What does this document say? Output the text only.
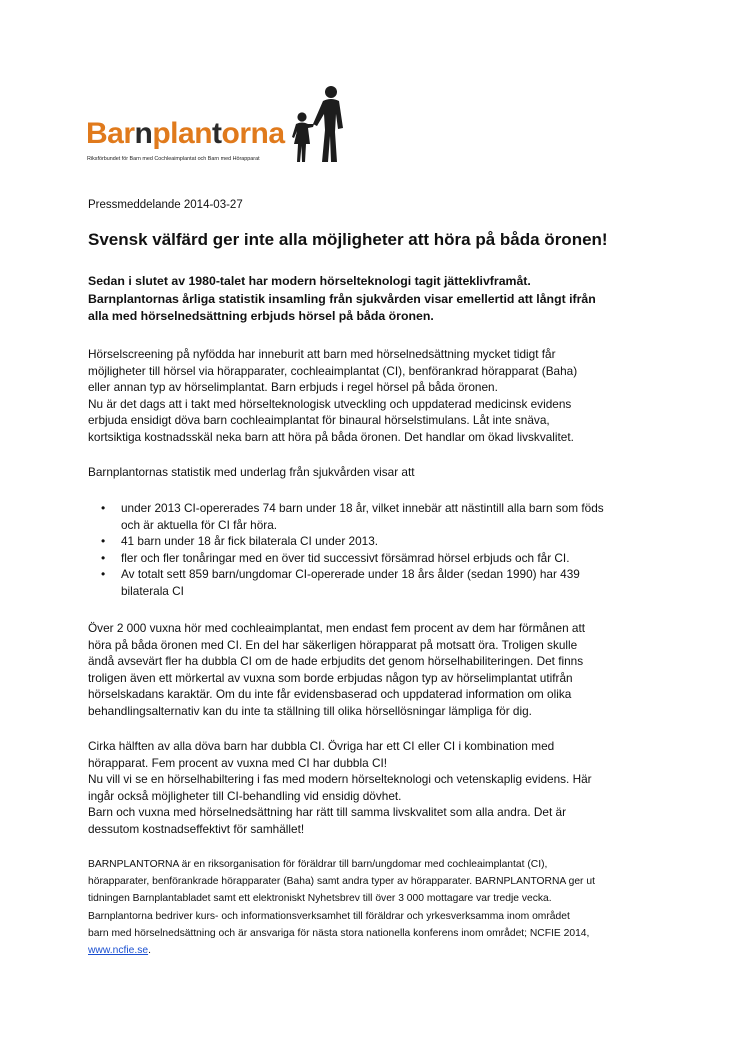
Barnplantorna
Riksförbundet för Barn med Cochleaimplantat och Barn med Hörapparat
Pressmeddelande 2014-03-27
Svensk välfärd ger inte alla möjligheter att höra på båda öronen!

Sedan i slutet av 1980-talet har modern hörselteknologi tagit jätteklivframåt.
Barnplantornas årliga statistik insamling från sjukvården visar emellertid att långt ifrån
alla med hörselnedsättning erbjuds hörsel på båda öronen.

Hörselscreening på nyfödda har inneburit att barn med hörselnedsättning mycket tidigt får
möjligheter till hörsel via hörapparater, cochleaimplantat (CI), benförankrad hörapparat (Baha)
eller annan typ av hörselimplantat. Barn erbjuds i regel hörsel på båda öronen.
Nu är det dags att i takt med hörselteknologisk utveckling och uppdaterad medicinsk evidens
erbjuda ensidigt döva barn cochleaimplantat för binaural hörselstimulans. Låt inte snäva,
kortsiktiga kostnadsskäl neka barn att höra på båda öronen. Det handlar om ökad livskvalitet.

Barnplantornas statistik med underlag från sjukvården visar att

• under 2013 CI-opererades 74 barn under 18 år, vilket innebär att nästintill alla barn som föds
och är aktuella för CI får höra.
• 41 barn under 18 år fick bilaterala CI under 2013.
• fler och fler tonåringar med en över tid successivt försämrad hörsel erbjuds och får CI.
• Av totalt sett 859 barn/ungdomar CI-opererade under 18 års ålder (sedan 1990) har 439
bilaterala CI

Över 2 000 vuxna hör med cochleaimplantat, men endast fem procent av dem har förmånen att
höra på båda öronen med CI. En del har säkerligen hörapparat på motsatt öra. Troligen skulle
ändå avsevärt fler ha dubbla CI om de hade erbjudits det genom hörselhabiliteringen. Det finns
troligen även ett mörkertal av vuxna som borde erbjudas någon typ av hörselimplantat utifrån
hörselskadans karaktär. Om du inte får evidensbaserad och uppdaterad information om olika
behandlingsalternativ kan du inte ta ställning till olika hörsellösningar lämpliga för dig.

Cirka hälften av alla döva barn har dubbla CI. Övriga har ett CI eller CI i kombination med
hörapparat. Fem procent av vuxna med CI har dubbla CI!
Nu vill vi se en hörselhabiltering i fas med modern hörselteknologi och vetenskaplig evidens. Här
ingår också möjligheter till CI-behandling vid ensidig dövhet.
Barn och vuxna med hörselnedsättning har rätt till samma livskvalitet som alla andra. Det är
dessutom kostnadseffektivt för samhället!

BARNPLANTORNA är en riksorganisation för föräldrar till barn/ungdomar med cochleaimplantat (CI),
hörapparater, benförankrade hörapparater (Baha) samt andra typer av hörapparater. BARNPLANTORNA ger ut
tidningen Barnplantabladet samt ett elektroniskt Nyhetsbrev till över 3 000 mottagare var tredje vecka.
Barnplantorna bedriver kurs- och informationsverksamhet till föräldrar och yrkesverksamma inom området
barn med hörselnedsättning och är ansvariga för nästa stora nationella konferens inom området; NCFIE 2014,
www.ncfie.se.
